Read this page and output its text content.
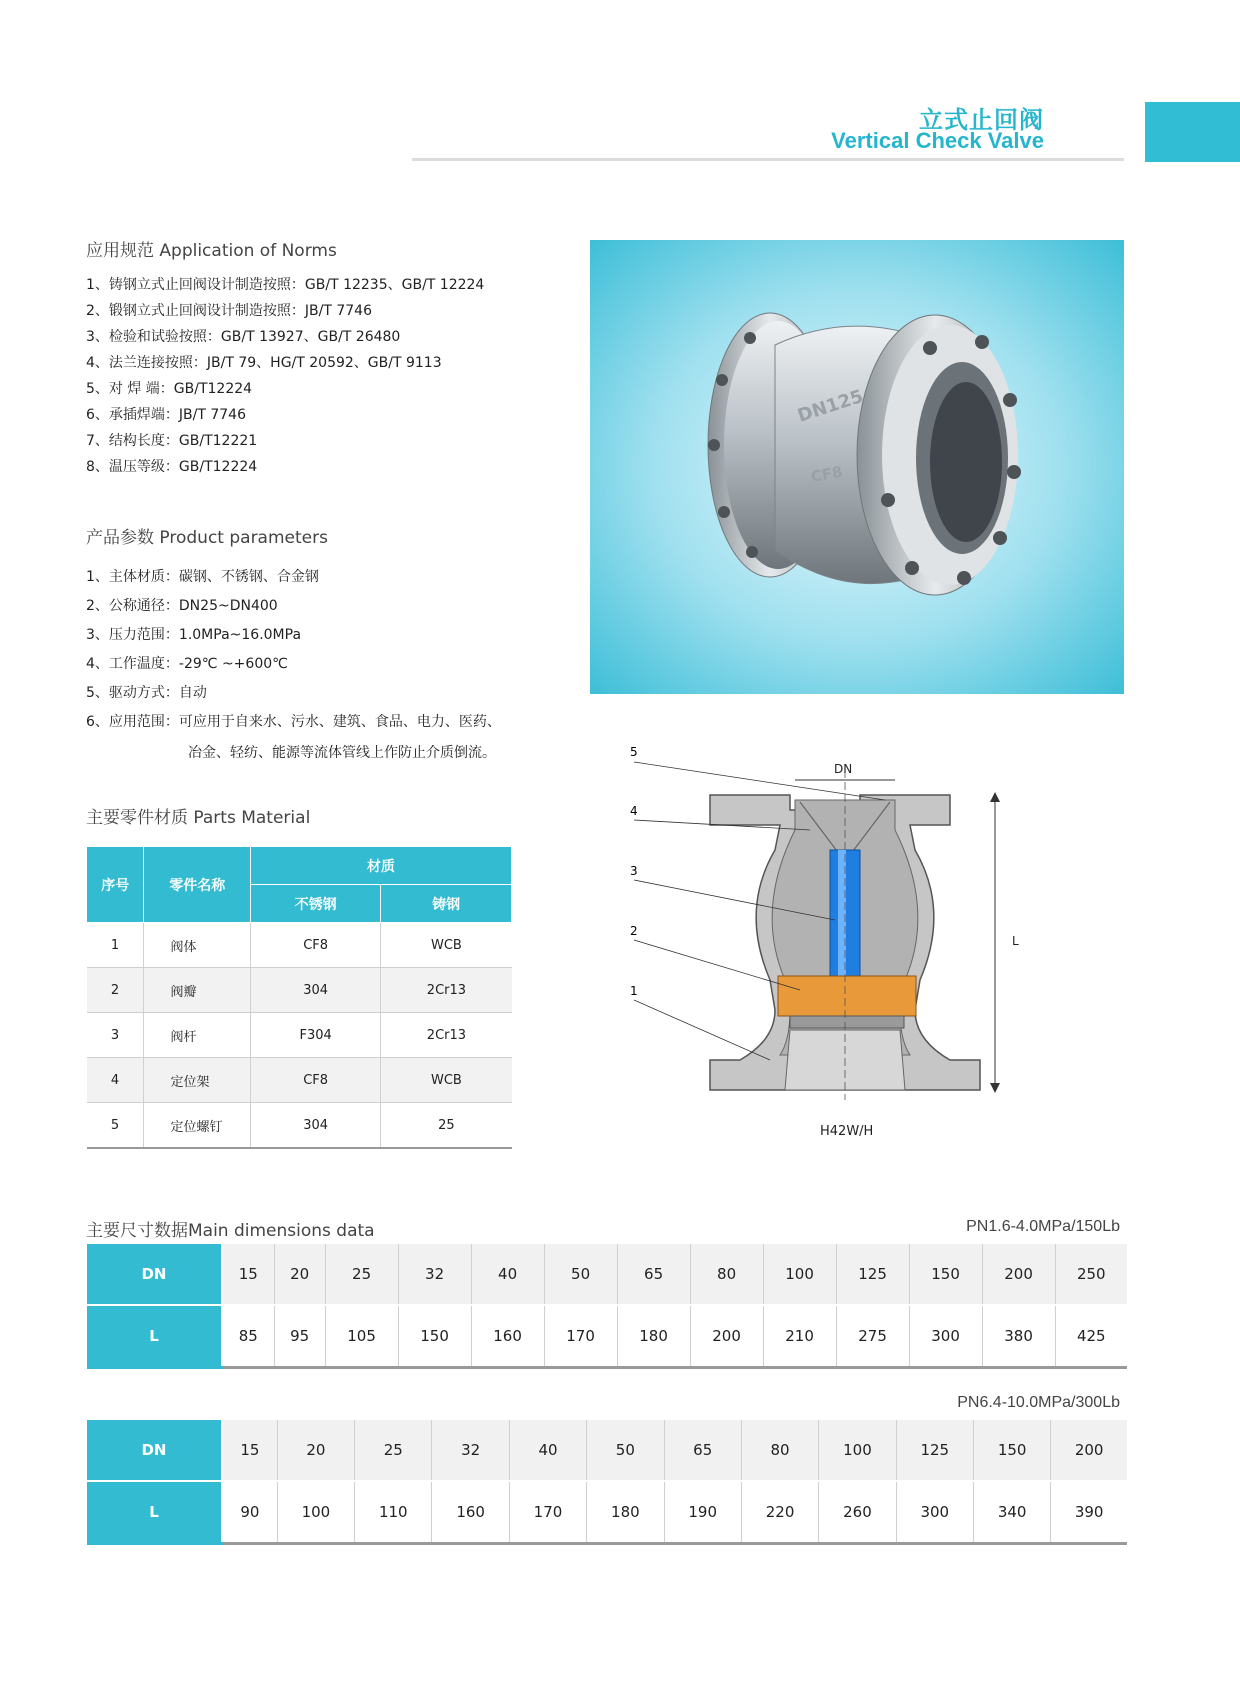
立式止回阀
Vertical Check Valve
应用规范 Application of Norms
1、铸钢立式止回阀设计制造按照：GB/T 12235、GB/T 12224
2、锻钢立式止回阀设计制造按照：JB/T 7746
3、检验和试验按照：GB/T 13927、GB/T 26480
4、法兰连接按照：JB/T 79、HG/T 20592、GB/T 9113
5、对 焊 端：GB/T12224
6、承插焊端：JB/T 7746
7、结构长度：GB/T12221
8、温压等级：GB/T12224
产品参数 Product parameters
1、主体材质：碳钢、不锈钢、合金钢
2、公称通径：DN25~DN400
3、压力范围：1.0MPa~16.0MPa
4、工作温度：-29℃ ~+600℃
5、驱动方式：自动
6、应用范围：可应用于自来水、污水、建筑、食品、电力、医药、
冶金、轻纺、能源等流体管线上作防止介质倒流。
DN125
CF8
主要零件材质 Parts Material
序号	零件名称	材质	
		不锈钢	铸钢
1	阀体	CF8	WCB
2	阀瓣	304	2Cr13
3	阀杆	F304	2Cr13
4	定位架	CF8	WCB
5	定位螺钉	304	25
DN
L
5
4
3
2
1
H42W/H
主要尺寸数据Main dimensions data	PN1.6-4.0MPa/150Lb
DN	15	20	25	32	40	50	65	80	100	125	150	200	250
L	85	95	105	150	160	170	180	200	210	275	300	380	425
PN6.4-10.0MPa/300Lb
DN	15	20	25	32	40	50	65	80	100	125	150	200
L	90	100	110	160	170	180	190	220	260	300	340	390
